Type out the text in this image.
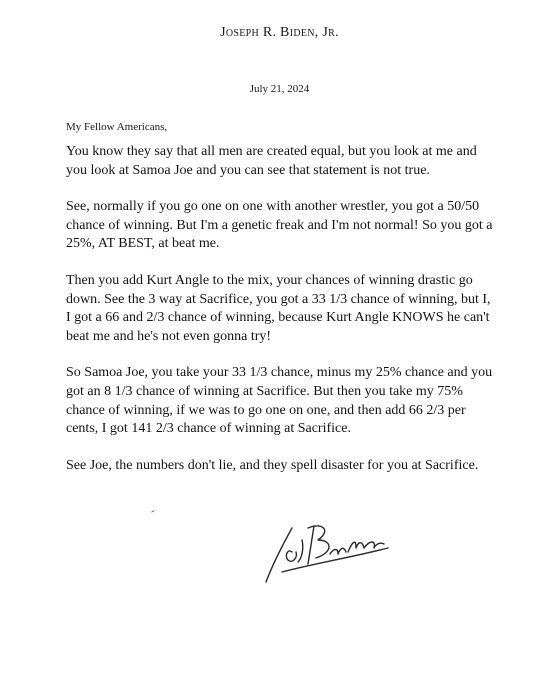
Joseph R. Biden, Jr.
July 21, 2024
My Fellow Americans,

You know they say that all men are created equal, but you look at me and you look at Samoa Joe and you can see that statement is not true.

See, normally if you go one on one with another wrestler, you got a 50/50 chance of winning. But I'm a genetic freak and I'm not normal! So you got a 25%, AT BEST, at beat me.

Then you add Kurt Angle to the mix, your chances of winning drastic go down. See the 3 way at Sacrifice, you got a 33 1/3 chance of winning, but I, I got a 66 and 2/3 chance of winning, because Kurt Angle KNOWS he can't beat me and he's not even gonna try!

So Samoa Joe, you take your 33 1/3 chance, minus my 25% chance and you got an 8 1/3 chance of winning at Sacrifice. But then you take my 75% chance of winning, if we was to go one on one, and then add 66 2/3 per cents, I got 141 2/3 chance of winning at Sacrifice.

See Joe, the numbers don't lie, and they spell disaster for you at Sacrifice.
